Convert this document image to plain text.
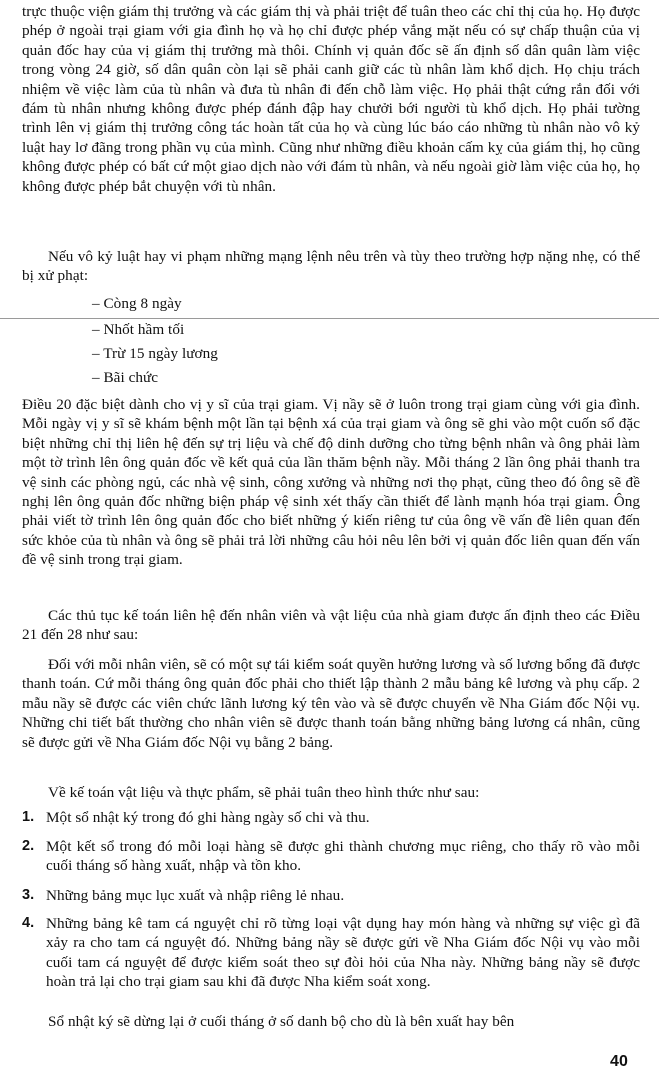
trực thuộc viện giám thị trưởng và các giám thị và phải triệt để tuân theo các chỉ thị của họ. Họ được phép ở ngoài trại giam với gia đình họ và họ chỉ được phép vắng mặt nếu có sự chấp thuận của vị quản đốc hay của vị giám thị trưởng mà thôi. Chính vị quản đốc sẽ ấn định số dân quân làm việc trong vòng 24 giờ, số dân quân còn lại sẽ phải canh giữ các tù nhân làm khổ dịch. Họ chịu trách nhiệm về việc làm của tù nhân và đưa tù nhân đi đến chỗ làm việc. Họ phải thật cứng rắn đối với đám tù nhân nhưng không được phép đánh đập hay chưởi bới người tù khổ dịch. Họ phải tường trình lên vị giám thị trưởng công tác hoàn tất của họ và cùng lúc báo cáo những tù nhân nào vô kỷ luật hay lơ đãng trong phần vụ của mình. Cũng như những điều khoản cấm kỵ của giám thị, họ cũng không được phép có bất cứ một giao dịch nào với đám tù nhân, và nếu ngoài giờ làm việc của họ, họ không được phép bắt chuyện với tù nhân.

Nếu vô kỷ luật hay vi phạm những mạng lệnh nêu trên và tùy theo trường hợp nặng nhẹ, có thể bị xử phạt:

– Còng 8 ngày

– Nhốt hầm tối

– Trừ 15 ngày lương

– Bãi chức

Điều 20 đặc biệt dành cho vị y sĩ của trại giam. Vị nầy sẽ ở luôn trong trại giam cùng với gia đình. Mỗi ngày vị y sĩ sẽ khám bệnh một lần tại bệnh xá của trại giam và ông sẽ ghi vào một cuốn sổ đặc biệt những chỉ thị liên hệ đến sự trị liệu và chế độ dinh dưỡng cho từng bệnh nhân và ông phải làm một tờ trình lên ông quản đốc về kết quả của lần thăm bệnh nầy. Mỗi tháng 2 lần ông phải thanh tra vệ sinh các phòng ngủ, các nhà vệ sinh, công xưởng và những nơi thọ phạt, cũng theo đó ông sẽ đề nghị lên ông quản đốc những biện pháp vệ sinh xét thấy cần thiết để lành mạnh hóa trại giam. Ông phải viết tờ trình lên ông quản đốc cho biết những ý kiến riêng tư của ông về vấn đề liên quan đến sức khỏe của tù nhân và ông sẽ phải trả lời những câu hỏi nêu lên bởi vị quản đốc liên quan đến vấn đề vệ sinh trong trại giam.

Các thủ tục kế toán liên hệ đến nhân viên và vật liệu của nhà giam được ấn định theo các Điều 21 đến 28 như sau:

Đối với mỗi nhân viên, sẽ có một sự tái kiểm soát quyền hưởng lương và số lương bổng đã được thanh toán. Cứ mỗi tháng ông quản đốc phải cho thiết lập thành 2 mẫu bảng kê lương và phụ cấp. 2 mẫu nầy sẽ được các viên chức lãnh lương ký tên vào và sẽ được chuyển về Nha Giám đốc Nội vụ. Những chi tiết bất thường cho nhân viên sẽ được thanh toán bằng những bảng lương cá nhân, cũng sẽ được gửi về Nha Giám đốc Nội vụ bằng 2 bảng.

Về kế toán vật liệu và thực phẩm, sẽ phải tuân theo hình thức như sau:

1. Một sổ nhật ký trong đó ghi hàng ngày số chi và thu.
2. Một kết sổ trong đó mỗi loại hàng sẽ được ghi thành chương mục riêng, cho thấy rõ vào mỗi cuối tháng số hàng xuất, nhập và tồn kho.
3. Những bảng mục lục xuất và nhập riêng lẻ nhau.
4. Những bảng kê tam cá nguyệt chỉ rõ từng loại vật dụng hay món hàng và những sự việc gì đã xảy ra cho tam cá nguyệt đó. Những bảng nầy sẽ được gửi về Nha Giám đốc Nội vụ vào mỗi cuối tam cá nguyệt để được kiểm soát theo sự đòi hỏi của Nha này. Những bảng nầy sẽ được hoàn trả lại cho trại giam sau khi đã được Nha kiểm soát xong.

Sổ nhật ký sẽ dừng lại ở cuối tháng ở số danh bộ cho dù là bên xuất hay bên

40
